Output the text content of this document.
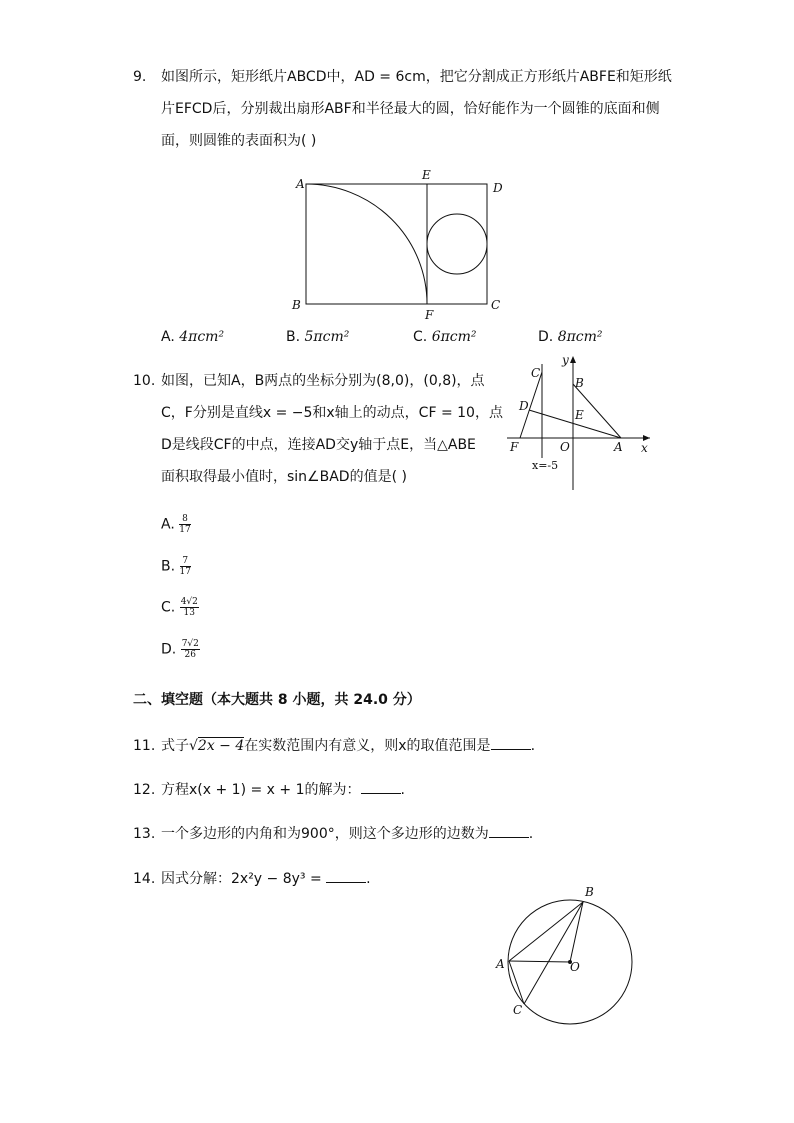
9. 如图所示，矩形纸片ABCD中，AD = 6cm，把它分割成正方形纸片ABFE和矩形纸
片EFCD后，分别裁出扇形ABF和半径最大的圆，恰好能作为一个圆锥的底面和侧
面，则圆锥的表面积为( )
A
E
D
B
F
C
A. 4πcm²	B. 5πcm²	C. 6πcm²	D. 8πcm²
10. 如图，已知A，B两点的坐标分别为(8,0)，(0,8)，点
C，F分别是直线x = −5和x轴上的动点，CF = 10，点
D是线段CF的中点，连接AD交y轴于点E，当△ABE
面积取得最小值时，sin∠BAD的值是( )
y
C
B
D
E
F	O	A x
x=-5
A. $\frac{8}{17}$
B. $\frac{7}{17}$
C. $\frac{4√2}{13}$
D. $\frac{7√2}{26}$
二、填空题（本大题共 8 小题，共 24.0 分）
11. 式子√2x − 4在实数范围内有意义，则x的取值范围是	.
12. 方程x(x + 1) = x + 1的解为：	.
13. 一个多边形的内角和为900°，则这个多边形的边数为	.
14. 因式分解：2x²y − 8y³ =	.
B
A	O
C
